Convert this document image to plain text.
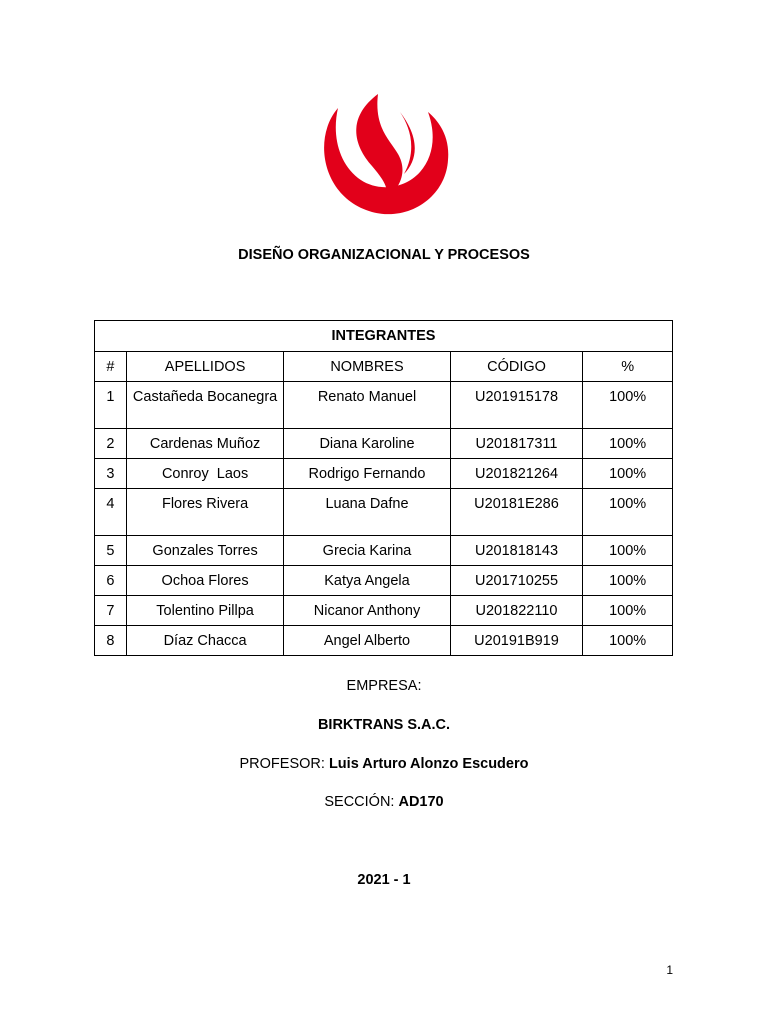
DISEÑO ORGANIZACIONAL Y PROCESOS
INTEGRANTES				
#	APELLIDOS	NOMBRES	CÓDIGO	%
1	Castañeda Bocanegra	Renato Manuel	U201915178	100%
2	Cardenas Muñoz	Diana Karoline	U201817311	100%
3	Conroy  Laos	Rodrigo Fernando	U201821264	100%
4	Flores Rivera	Luana Dafne	U20181E286	100%
5	Gonzales Torres	Grecia Karina	U201818143	100%
6	Ochoa Flores	Katya Angela	U201710255	100%
7	Tolentino Pillpa	Nicanor Anthony	U201822110	100%
8	Díaz Chacca	Angel Alberto	U20191B919	100%
EMPRESA:
BIRKTRANS S.A.C.
PROFESOR: Luis Arturo Alonzo Escudero
SECCIÓN: AD170
2021 - 1
1
